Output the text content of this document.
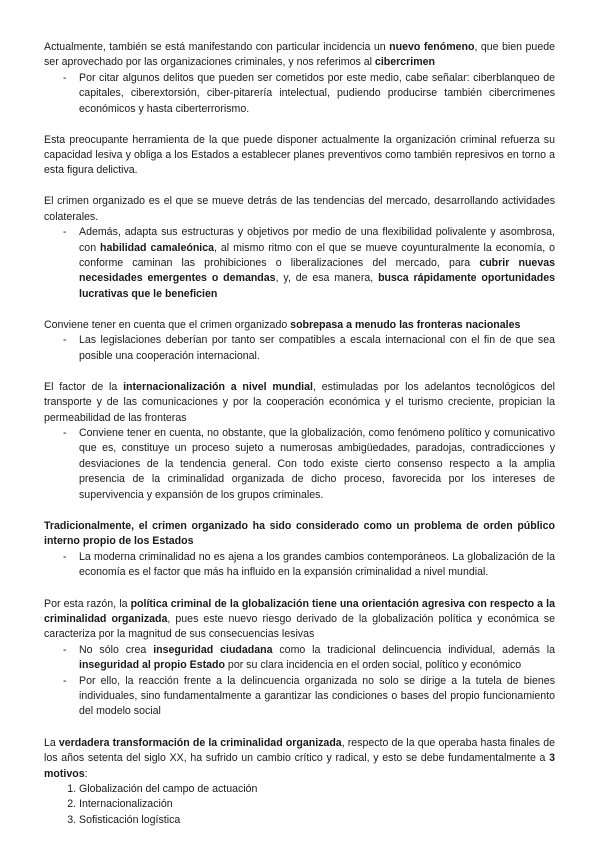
Actualmente, también se está manifestando con particular incidencia un nuevo fenómeno, que bien puede ser aprovechado por las organizaciones criminales, y nos referimos al cibercrimen

- Por citar algunos delitos que pueden ser cometidos por este medio, cabe señalar: ciberblanqueo de capitales, ciberextorsión, ciber-pitarería intelectual, pudiendo producirse también cibercrimenes económicos y hasta ciberterrorismo.

Esta preocupante herramienta de la que puede disponer actualmente la organización criminal refuerza su capacidad lesiva y obliga a los Estados a establecer planes preventivos como también represivos en torno a esta figura delictiva.

El crimen organizado es el que se mueve detrás de las tendencias del mercado, desarrollando actividades colaterales.

- Además, adapta sus estructuras y objetivos por medio de una flexibilidad polivalente y asombrosa, con habilidad camaleónica, al mismo ritmo con el que se mueve coyunturalmente la economía, o conforme caminan las prohibiciones o liberalizaciones del mercado, para cubrir nuevas necesidades emergentes o demandas, y, de esa manera, busca rápidamente oportunidades lucrativas que le beneficien

Conviene tener en cuenta que el crimen organizado sobrepasa a menudo las fronteras nacionales

- Las legislaciones deberían por tanto ser compatibles a escala internacional con el fin de que sea posible una cooperación internacional.

El factor de la internacionalización a nivel mundial, estimuladas por los adelantos tecnológicos del transporte y de las comunicaciones y por la cooperación económica y el turismo creciente, propician la permeabilidad de las fronteras

- Conviene tener en cuenta, no obstante, que la globalización, como fenómeno político y comunicativo que es, constituye un proceso sujeto a numerosas ambigüedades, paradojas, contradicciones y desviaciones de la tendencia general. Con todo existe cierto consenso respecto a la amplia presencia de la criminalidad organizada de dicho proceso, favorecida por los intereses de supervivencia y expansión de los grupos criminales.

Tradicionalmente, el crimen organizado ha sido considerado como un problema de orden público interno propio de los Estados

- La moderna criminalidad no es ajena a los grandes cambios contemporáneos. La globalización de la economía es el factor que más ha influido en la expansión criminalidad a nivel mundial.

Por esta razón, la política criminal de la globalización tiene una orientación agresiva con respecto a la criminalidad organizada, pues este nuevo riesgo derivado de la globalización política y económica se caracteriza por la magnitud de sus consecuencias lesivas

- No sólo crea inseguridad ciudadana como la tradicional delincuencia individual, además la inseguridad al propio Estado por su clara incidencia en el orden social, político y económico
- Por ello, la reacción frente a la delincuencia organizada no solo se dirige a la tutela de bienes individuales, sino fundamentalmente a garantizar las condiciones o bases del propio funcionamiento del modelo social

La verdadera transformación de la criminalidad organizada, respecto de la que operaba hasta finales de los años setenta del siglo XX, ha sufrido un cambio crítico y radical, y esto se debe fundamentalmente a 3 motivos:

1. Globalización del campo de actuación
2. Internacionalización
3. Sofisticación logística
